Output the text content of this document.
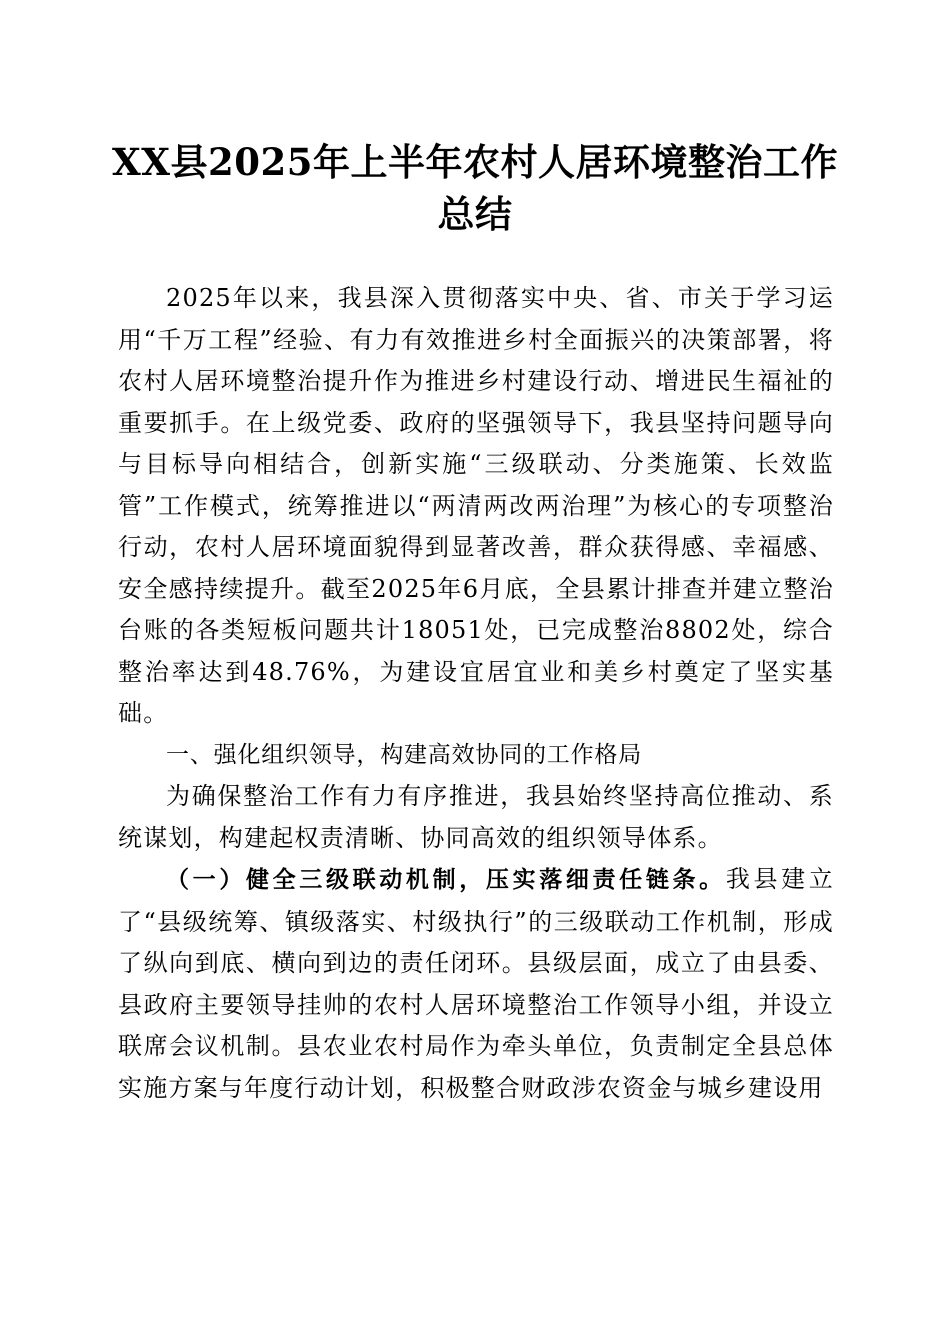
XX县2025年上半年农村人居环境整治工作总结

2025年以来，我县深入贯彻落实中央、省、市关于学习运用“千万工程”经验、有力有效推进乡村全面振兴的决策部署，将农村人居环境整治提升作为推进乡村建设行动、增进民生福祉的重要抓手。在上级党委、政府的坚强领导下，我县坚持问题导向与目标导向相结合，创新实施“三级联动、分类施策、长效监管”工作模式，统筹推进以“两清两改两治理”为核心的专项整治行动，农村人居环境面貌得到显著改善，群众获得感、幸福感、安全感持续提升。截至2025年6月底，全县累计排查并建立整治台账的各类短板问题共计18051处，已完成整治8802处，综合整治率达到48.76%，为建设宜居宜业和美乡村奠定了坚实基础。

一、强化组织领导，构建高效协同的工作格局

为确保整治工作有力有序推进，我县始终坚持高位推动、系统谋划，构建起权责清晰、协同高效的组织领导体系。

（一）健全三级联动机制，压实落细责任链条。我县建立了“县级统筹、镇级落实、村级执行”的三级联动工作机制，形成了纵向到底、横向到边的责任闭环。县级层面，成立了由县委、县政府主要领导挂帅的农村人居环境整治工作领导小组，并设立联席会议机制。县农业农村局作为牵头单位，负责制定全县总体实施方案与年度行动计划，积极整合财政涉农资金与城乡建设用
